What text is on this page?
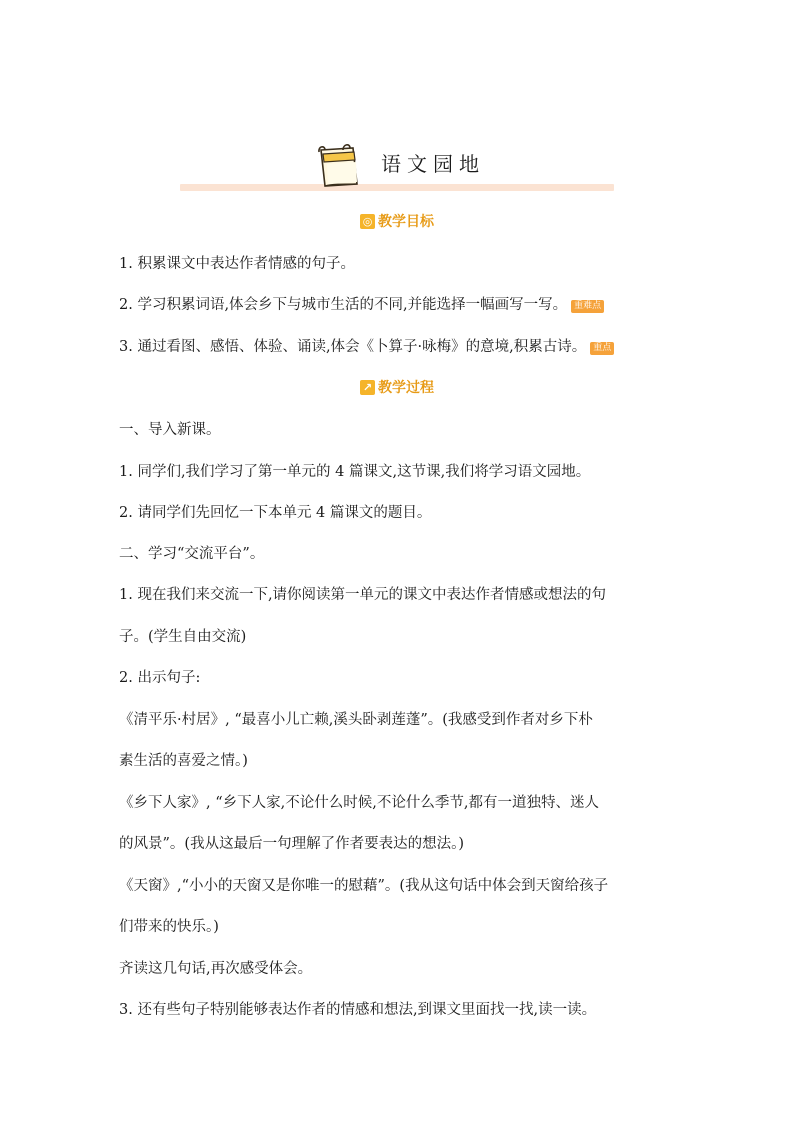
语文园地
◎ 教学目标
1. 积累课文中表达作者情感的句子。
2. 学习积累词语,体会乡下与城市生活的不同,并能选择一幅画写一写。 重难点
3. 通过看图、感悟、体验、诵读,体会《卜算子·咏梅》的意境,积累古诗。 重点
↗ 教学过程
一、导入新课。
1. 同学们,我们学习了第一单元的 4 篇课文,这节课,我们将学习语文园地。
2. 请同学们先回忆一下本单元 4 篇课文的题目。
二、学习“交流平台”。
1. 现在我们来交流一下,请你阅读第一单元的课文中表达作者情感或想法的句
子。(学生自由交流)
2. 出示句子:
《清平乐·村居》, “最喜小儿亡赖,溪头卧剥莲蓬”。(我感受到作者对乡下朴
素生活的喜爱之情。)
《乡下人家》, “乡下人家,不论什么时候,不论什么季节,都有一道独特、迷人
的风景”。(我从这最后一句理解了作者要表达的想法。)
《天窗》,“小小的天窗又是你唯一的慰藉”。(我从这句话中体会到天窗给孩子
们带来的快乐。)
齐读这几句话,再次感受体会。
3. 还有些句子特别能够表达作者的情感和想法,到课文里面找一找,读一读。
